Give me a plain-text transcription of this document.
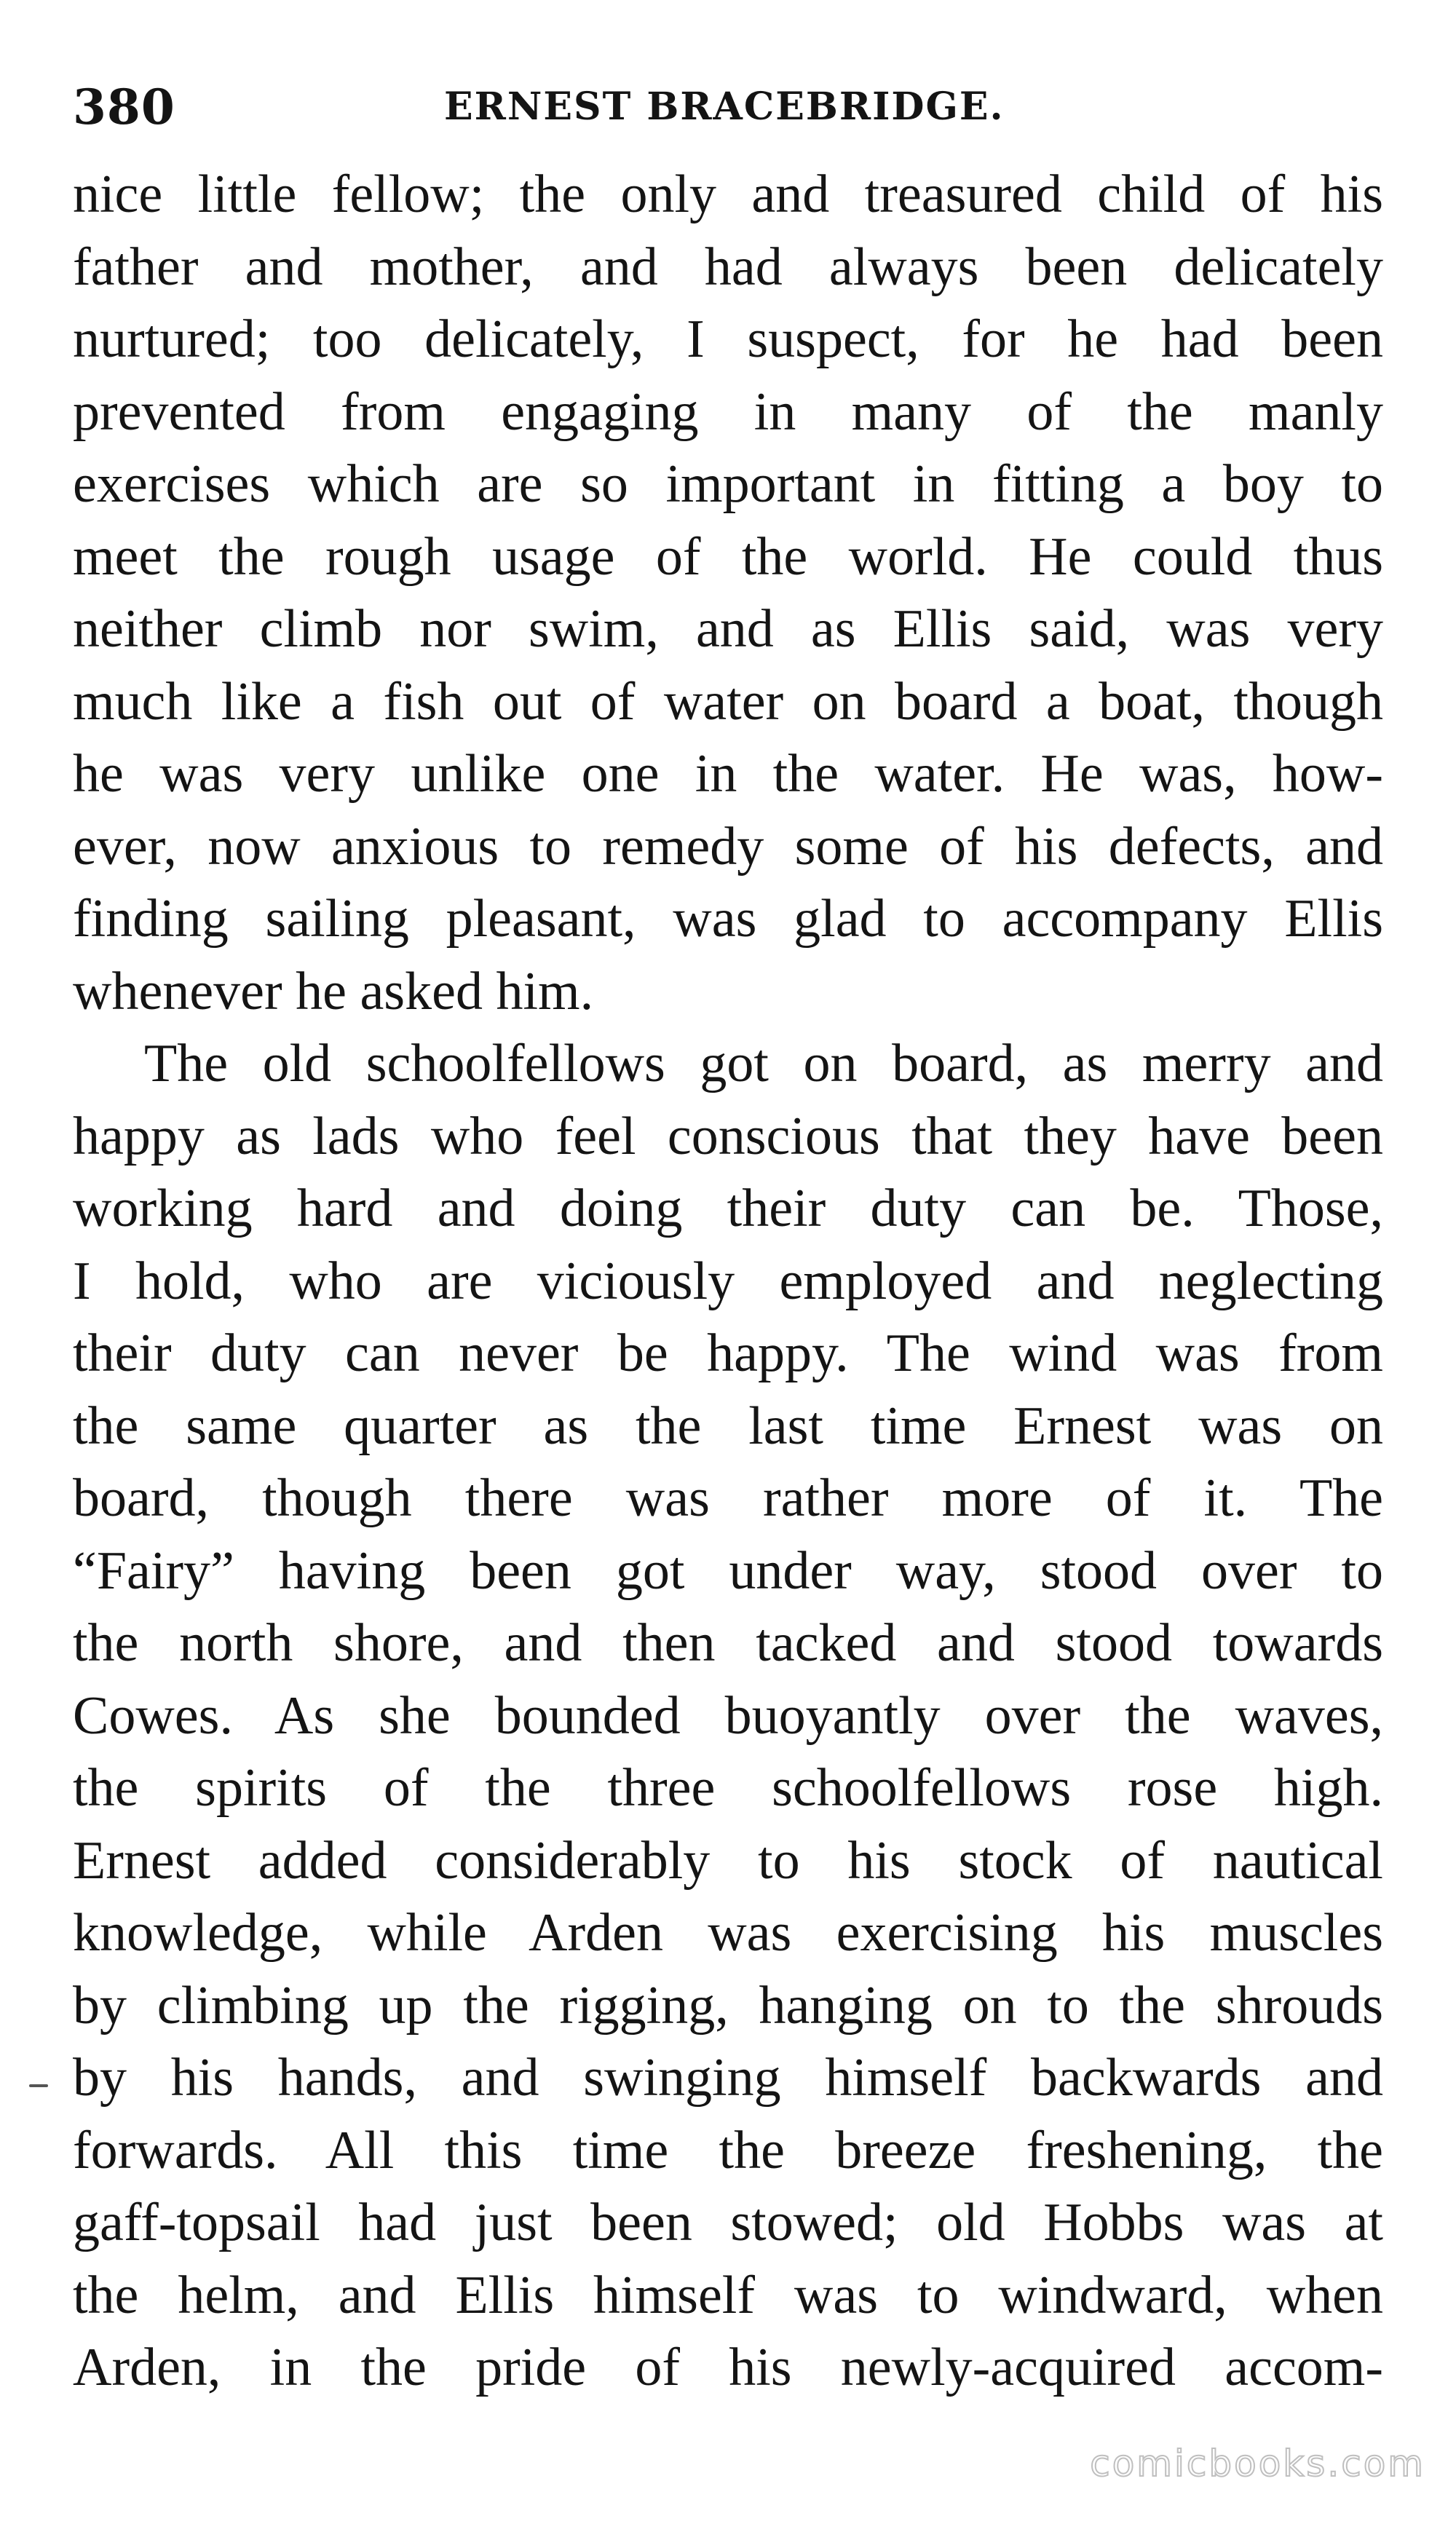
380	ERNEST BRACEBRIDGE.
nice little fellow; the only and treasured child of his
father and mother, and had always been delicately
nurtured; too delicately, I suspect, for he had been
prevented from engaging in many of the manly
exercises which are so important in fitting a boy to
meet the rough usage of the world. He could thus
neither climb nor swim, and as Ellis said, was very
much like a fish out of water on board a boat, though
he was very unlike one in the water. He was, how-
ever, now anxious to remedy some of his defects, and
finding sailing pleasant, was glad to accompany Ellis
whenever he asked him.
The old schoolfellows got on board, as merry and
happy as lads who feel conscious that they have been
working hard and doing their duty can be. Those,
I hold, who are viciously employed and neglecting
their duty can never be happy. The wind was from
the same quarter as the last time Ernest was on
board, though there was rather more of it. The
“Fairy” having been got under way, stood over to
the north shore, and then tacked and stood towards
Cowes. As she bounded buoyantly over the waves,
the spirits of the three schoolfellows rose high.
Ernest added considerably to his stock of nautical
knowledge, while Arden was exercising his muscles
by climbing up the rigging, hanging on to the shrouds
by his hands, and swinging himself backwards and
forwards. All this time the breeze freshening, the
gaff-topsail had just been stowed; old Hobbs was at
the helm, and Ellis himself was to windward, when
Arden, in the pride of his newly-acquired accom-
comicbooks.com
